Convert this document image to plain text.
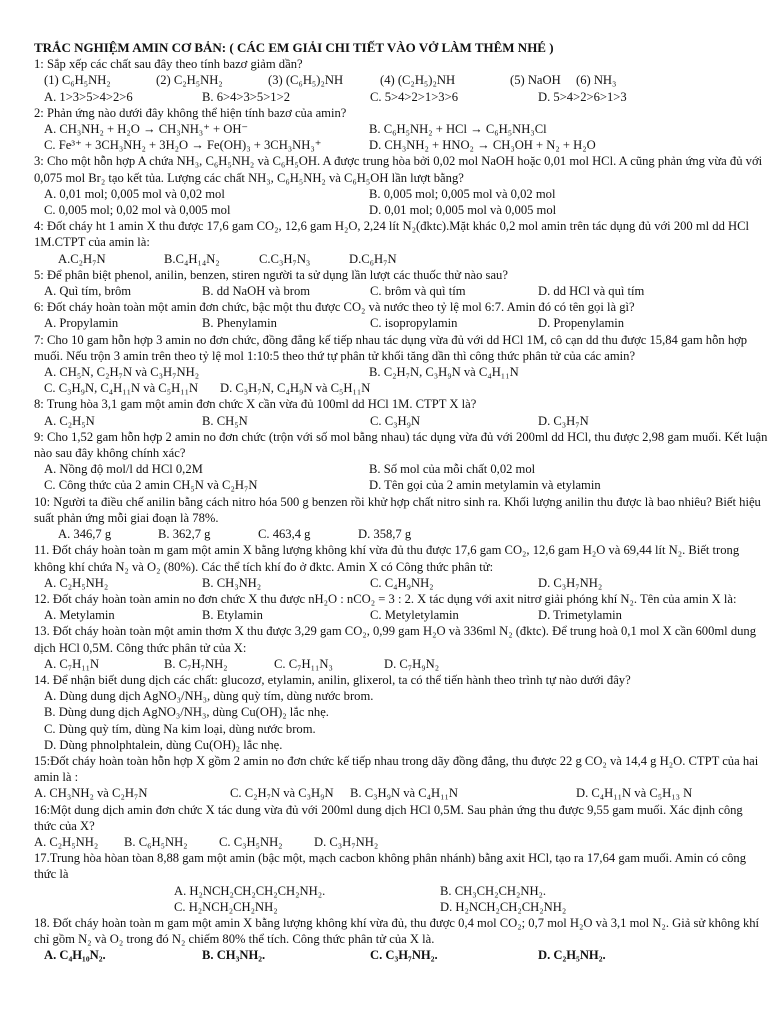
TRẮC NGHIỆM AMIN CƠ BẢN: ( CÁC EM GIẢI CHI TIẾT VÀO VỞ LÀM THÊM NHÉ )
1: Sắp xếp các chất sau đây theo tính bazơ giảm dần?
(1) C₆H₅NH₂	(2) C₂H₅NH₂	(3) (C₆H₅)₂NH	(4) (C₂H₅)₂NH	(5) NaOH	(6) NH₃
A. 1>3>5>4>2>6	B. 6>4>3>5>1>2	C. 5>4>2>1>3>6	D. 5>4>2>6>1>3
2: Phản ứng nào dưới đây không thể hiện tính bazơ của amin?
A. CH₃NH₂ + H₂O → CH₃NH₃⁺ + OH⁻	B. C₆H₅NH₂ + HCl → C₆H₅NH₃Cl
C. Fe³⁺ + 3CH₃NH₂ + 3H₂O → Fe(OH)₃ + 3CH₃NH₃⁺	D. CH₃NH₂ + HNO₂ → CH₃OH + N₂ + H₂O
3: Cho một hỗn hợp A chứa NH₃, C₆H₅NH₂ và C₆H₅OH. A được trung hòa bởi 0,02 mol NaOH hoặc 0,01 mol HCl. A cũng phản ứng vừa đủ với 0,075 mol Br₂ tạo kết tủa. Lượng các chất NH₃, C₆H₅NH₂ và C₆H₅OH lần lượt bằng?
A. 0,01 mol; 0,005 mol và 0,02 mol	B. 0,005 mol; 0,005 mol và 0,02 mol
C. 0,005 mol; 0,02 mol và 0,005 mol	D. 0,01 mol; 0,005 mol và 0,005 mol
4: Đốt cháy ht 1 amin X thu được 17,6 gam CO₂, 12,6 gam H₂O, 2,24 lít N₂(đktc).Mặt khác 0,2 mol amin trên tác dụng đủ với 200 ml dd HCl 1M.CTPT của amin là:
A.C₂H₇N	B.C₄H₁₄N₂	C.C₃H₇N₃	D.C₆H₇N
5: Để phân biệt phenol, anilin, benzen, stiren người ta sử dụng lần lượt các thuốc thử nào sau?
A. Quì tím, brôm	B. dd NaOH và brom	C. brôm và quì tím	D. dd HCl và quì tím
6: Đốt cháy hoàn toàn một amin đơn chức, bậc một thu được CO₂ và nước theo tỷ lệ mol 6:7. Amin đó có tên gọi là gì?
A. Propylamin	B. Phenylamin	C. isopropylamin	D. Propenylamin
7: Cho 10 gam hỗn hợp 3 amin no đơn chức, đồng đẳng kế tiếp nhau tác dụng vừa đủ với dd HCl 1M, cô cạn dd thu được 15,84 gam hỗn hợp muối. Nếu trộn 3 amin trên theo tỷ lệ mol 1:10:5 theo thứ tự phân tử khối tăng dần thì công thức phân tử của các amin?
A. CH₅N, C₂H₇N và C₃H₇NH₂	B. C₂H₇N, C₃H₉N và C₄H₁₁N
C. C₃H₉N, C₄H₁₁N và C₅H₁₁N	D. C₃H₇N, C₄H₉N và C₅H₁₁N
8: Trung hòa 3,1 gam một amin đơn chức X cần vừa đủ 100ml dd HCl 1M. CTPT X là?
A. C₂H₅N	B. CH₅N	C. C₃H₉N	D. C₃H₇N
9: Cho 1,52 gam hỗn hợp 2 amin no đơn chức (trộn với số mol bằng nhau) tác dụng vừa đủ với 200ml dd HCl, thu được 2,98 gam muối. Kết luận nào sau đây không chính xác?
A. Nồng độ mol/l dd HCl 0,2M	B. Số mol của mỗi chất 0,02 mol
C. Công thức của 2 amin CH₅N và C₂H₇N	D. Tên gọi của 2 amin metylamin và etylamin
10: Người ta điều chế anilin bằng cách nitro hóa 500 g benzen rồi khử hợp chất nitro sinh ra. Khối lượng anilin thu được là bao nhiêu? Biết hiệu suất phản ứng mỗi giai đoạn là 78%.
A. 346,7 g	B. 362,7 g	C. 463,4 g	D. 358,7 g
11. Đốt cháy hoàn toàn m gam một amin X bằng lượng không khí vừa đủ thu được 17,6 gam CO₂, 12,6 gam H₂O và 69,44 lít N₂. Biết trong không khí chứa N₂ và O₂ (80%). Các thể tích khí đo ở đktc. Amin X có Công thức phân tử:
A. C₂H₅NH₂	B. CH₃NH₂	C. C₄H₉NH₂	D. C₃H₇NH₂
12. Đốt cháy hoàn toàn amin no đơn chức X thu được nH₂O : nCO₂ = 3 : 2. X tác dụng với axit nitrơ giải phóng khí N₂. Tên của amin X là:
A. Metylamin	B. Etylamin	C. Metyletylamin	D. Trimetylamin
13. Đốt cháy hoàn toàn một amin thơm X thu được 3,29 gam CO₂, 0,99 gam H₂O và 336ml N₂ (đktc). Để trung hoà 0,1 mol X cần 600ml dung dịch HCl 0,5M. Công thức phân tử của X:
A. C₇H₁₁N	B. C₇H₇NH₂	C. C₇H₁₁N₃	D. C₇H₉N₂
14. Để nhận biết dung dịch các chất: glucozơ, etylamin, anilin, glixerol, ta có thể tiến hành theo trình tự nào dưới đây?
A. Dùng dung dịch AgNO₃/NH₃, dùng quỳ tím, dùng nước brom.
B. Dùng dung dịch AgNO₃/NH₃, dùng Cu(OH)₂ lắc nhẹ.
C. Dùng quỳ tím, dùng Na kim loại, dùng nước brom.
D. Dùng phnolphtalein, dùng Cu(OH)₂ lắc nhẹ.
15:Đốt cháy hoàn toàn hỗn hợp X gồm 2 amin no đơn chức kế tiếp nhau trong dãy đồng đẳng, thu được 22 g CO₂ và 14,4 g H₂O. CTPT của hai amin là :
A. CH₃NH₂ và C₂H₇N	C. C₂H₇N và C₃H₉N	B. C₃H₉N và C₄H₁₁N	D. C₄H₁₁N và C₅H₁₃ N
16:Một dung dịch amin đơn chức X tác dung vừa đủ với 200ml dung dịch HCl 0,5M. Sau phản ứng thu được 9,55 gam muối. Xác định công thức của X?
A. C₂H₅NH₂	B. C₆H₅NH₂	C. C₃H₅NH₂	D. C₃H₇NH₂
17.Trung hòa hòan tòan 8,88 gam một amin (bậc một, mạch cacbon không phân nhánh) bằng axit HCl, tạo ra 17,64 gam muối. Amin có công thức là
A. H₂NCH₂CH₂CH₂CH₂NH₂.	B. CH₃CH₂CH₂NH₂.
C. H₂NCH₂CH₂NH₂	D. H₂NCH₂CH₂CH₂NH₂
18. Đốt cháy hoàn toàn m gam một amin X bằng lượng không khí vừa đủ, thu được 0,4 mol CO₂; 0,7 mol H₂O và 3,1 mol N₂. Giả sử không khí chỉ gồm N₂ và O₂ trong đó N₂ chiếm 80% thể tích. Công thức phân tử của X là.
A. C₄H₁₀N₂.	B. CH₃NH₂.	C. C₃H₇NH₂.	D. C₂H₅NH₂.
